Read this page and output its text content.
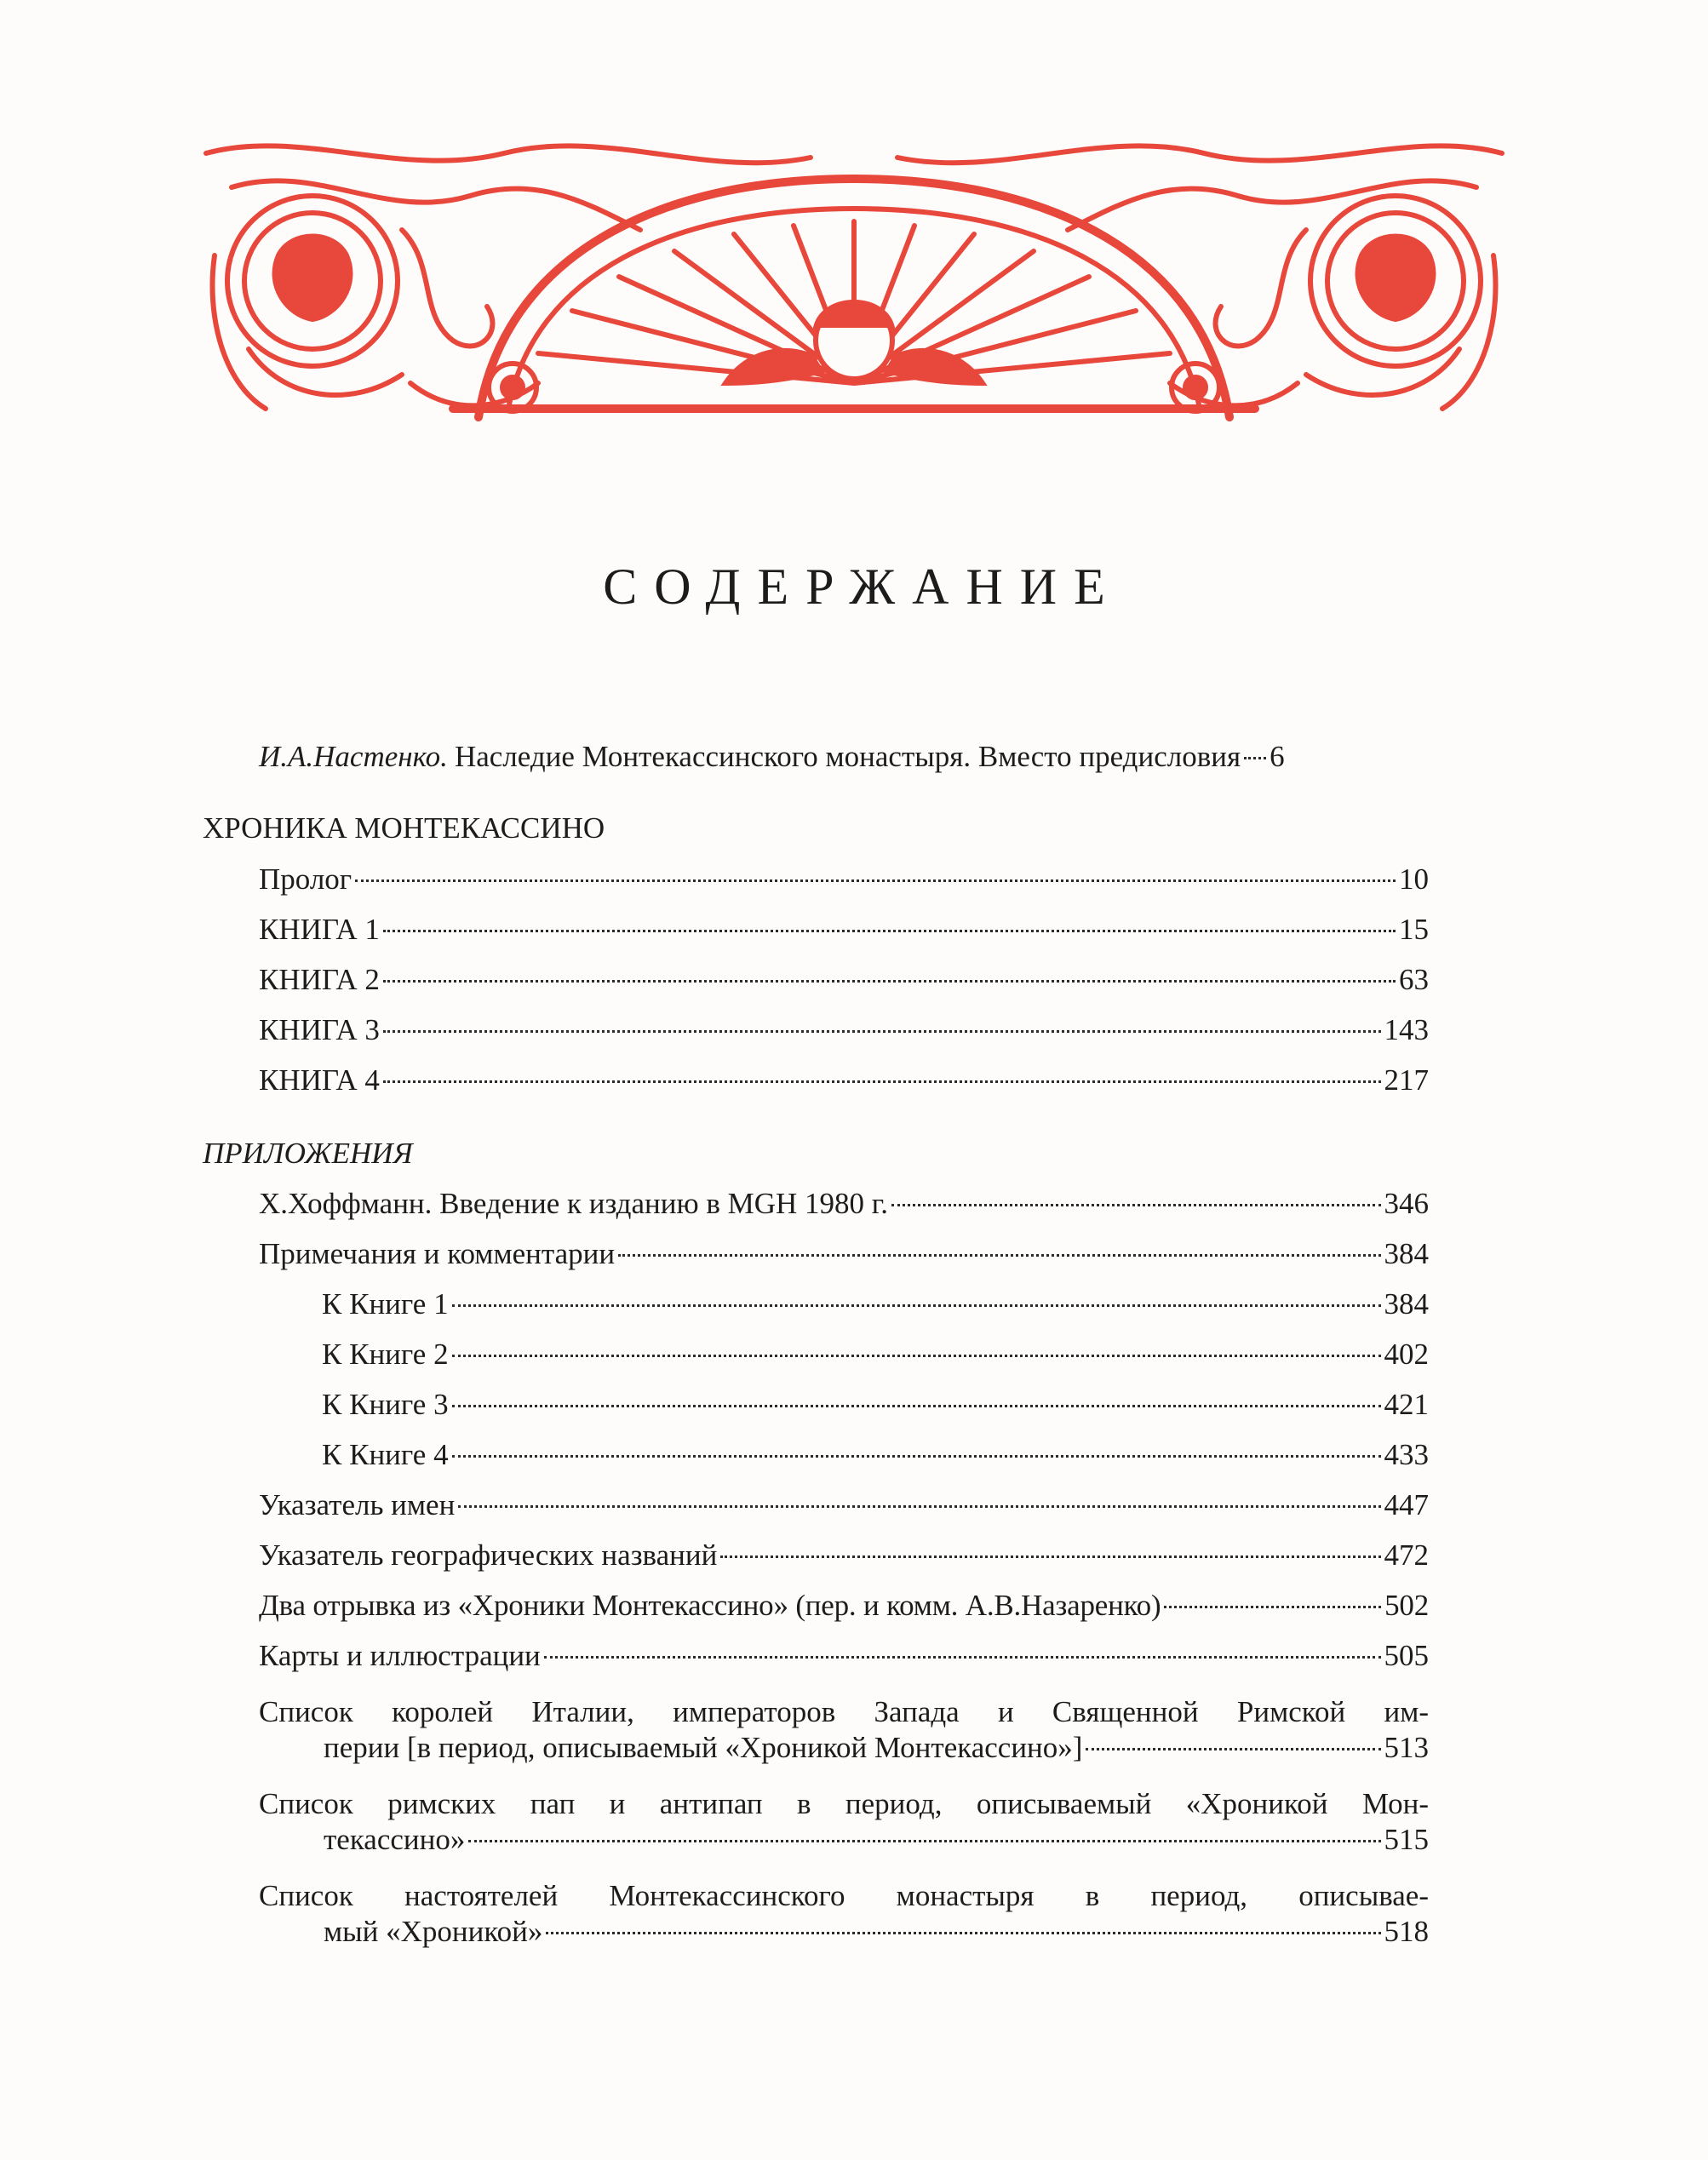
СОДЕРЖАНИЕ
И.А.Настенко. Наследие Монтекассинского монастыря. Вместо предисловия 6
ХРОНИКА МОНТЕКАССИНО
Пролог	10
КНИГА 1	15
КНИГА 2	63
КНИГА 3	143
КНИГА 4	217
ПРИЛОЖЕНИЯ
Х.Хоффманн. Введение к изданию в MGH 1980 г.	346
Примечания и комментарии	384
К Книге 1	384
К Книге 2	402
К Книге 3	421
К Книге 4	433
Указатель имен	447
Указатель географических названий	472
Два отрывка из «Хроники Монтекассино» (пер. и комм. А.В.Назаренко)	502
Карты и иллюстрации	505
Список королей Италии, императоров Запада и Священной Римской им-
перии [в период, описываемый «Хроникой Монтекассино»]	513
Список римских пап и антипап в период, описываемый «Хроникой Мон-
текассино»	515
Список настоятелей Монтекассинского монастыря в период, описывае-
мый «Хроникой»	518
